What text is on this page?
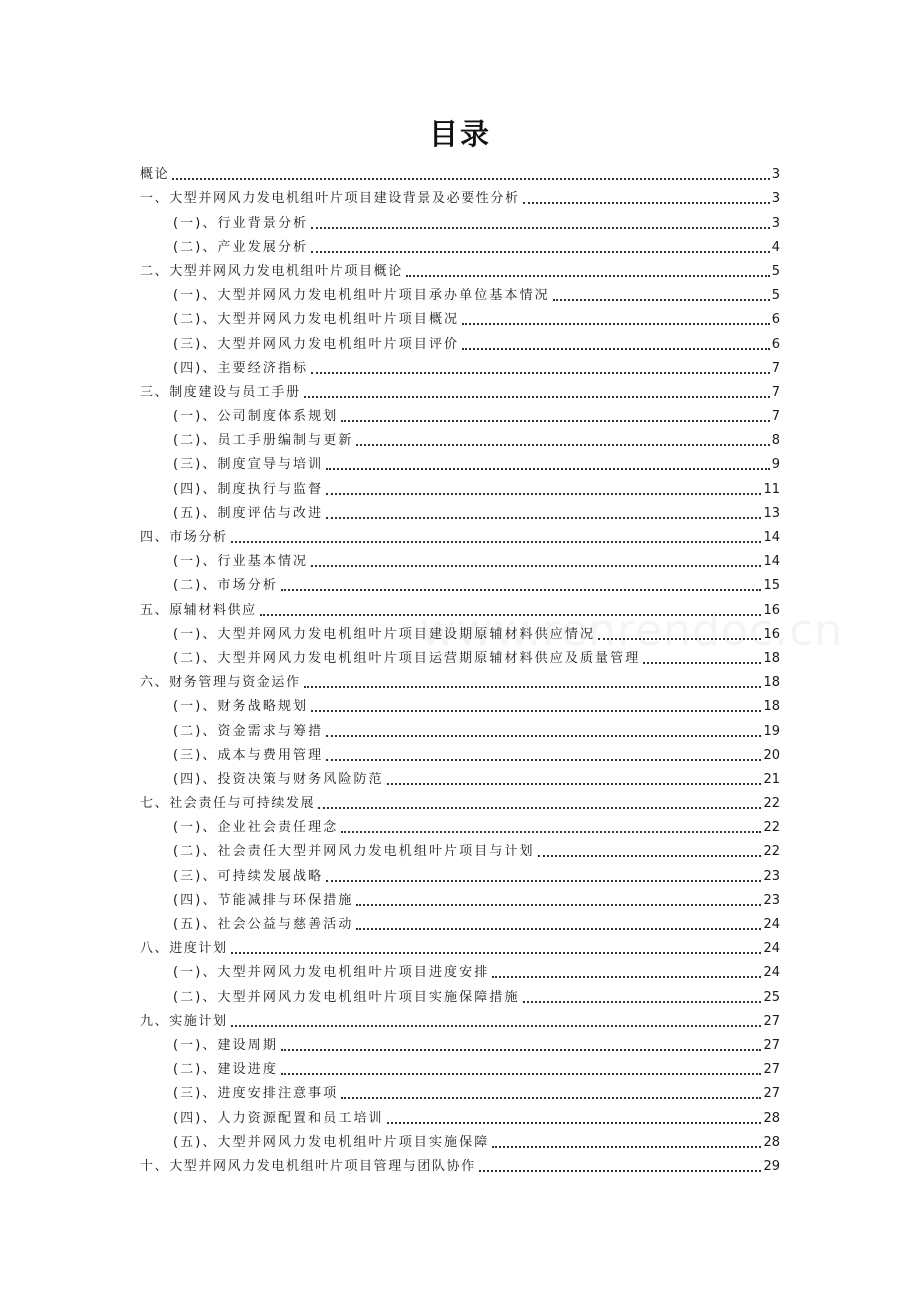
目录
概论	3
一、大型并网风力发电机组叶片项目建设背景及必要性分析	3
(一)、行业背景分析	3
(二)、产业发展分析	4
二、大型并网风力发电机组叶片项目概论	5
(一)、大型并网风力发电机组叶片项目承办单位基本情况	5
(二)、大型并网风力发电机组叶片项目概况	6
(三)、大型并网风力发电机组叶片项目评价	6
(四)、主要经济指标	7
三、制度建设与员工手册	7
(一)、公司制度体系规划	7
(二)、员工手册编制与更新	8
(三)、制度宣导与培训	9
(四)、制度执行与监督	11
(五)、制度评估与改进	13
四、市场分析	14
(一)、行业基本情况	14
(二)、市场分析	15
五、原辅材料供应	16
(一)、大型并网风力发电机组叶片项目建设期原辅材料供应情况	16
(二)、大型并网风力发电机组叶片项目运营期原辅材料供应及质量管理	18
六、财务管理与资金运作	18
(一)、财务战略规划	18
(二)、资金需求与筹措	19
(三)、成本与费用管理	20
(四)、投资决策与财务风险防范	21
七、社会责任与可持续发展	22
(一)、企业社会责任理念	22
(二)、社会责任大型并网风力发电机组叶片项目与计划	22
(三)、可持续发展战略	23
(四)、节能减排与环保措施	23
(五)、社会公益与慈善活动	24
八、进度计划	24
(一)、大型并网风力发电机组叶片项目进度安排	24
(二)、大型并网风力发电机组叶片项目实施保障措施	25
九、实施计划	27
(一)、建设周期	27
(二)、建设进度	27
(三)、进度安排注意事项	27
(四)、人力资源配置和员工培训	28
(五)、大型并网风力发电机组叶片项目实施保障	28
十、大型并网风力发电机组叶片项目管理与团队协作	29
